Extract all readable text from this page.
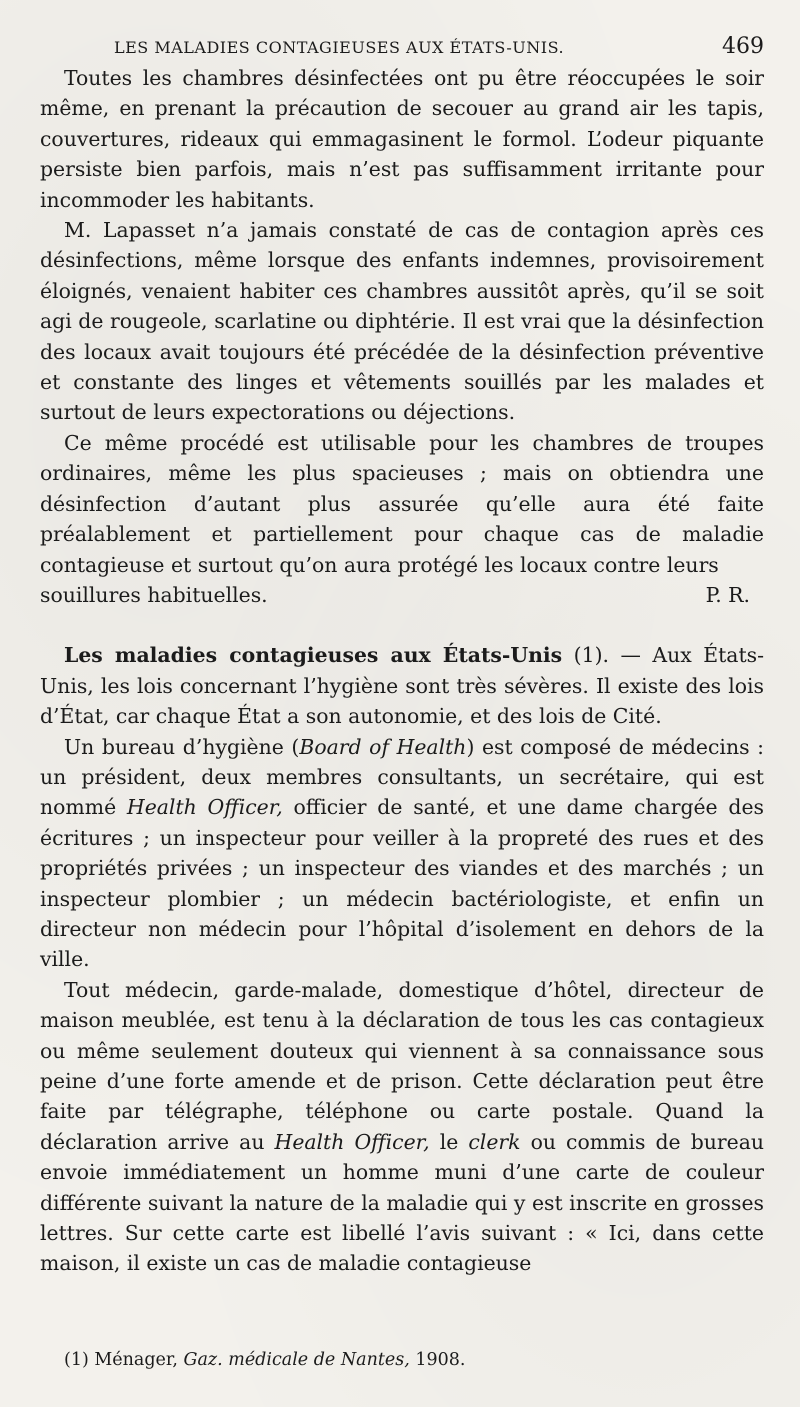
LES MALADIES CONTAGIEUSES AUX ÉTATS-UNIS.	469

Toutes les chambres désinfectées ont pu être réoccupées le soir même, en prenant la précaution de secouer au grand air les tapis, couvertures, rideaux qui emmagasinent le formol. L’odeur piquante persiste bien parfois, mais n’est pas suffisamment irritante pour incommoder les habitants.

M. Lapasset n’a jamais constaté de cas de contagion après ces désinfections, même lorsque des enfants indemnes, provisoirement éloignés, venaient habiter ces chambres aussitôt après, qu’il se soit agi de rougeole, scarlatine ou diphtérie. Il est vrai que la désinfection des locaux avait toujours été précédée de la désinfection préventive et constante des linges et vêtements souillés par les malades et surtout de leurs expectorations ou déjections.

Ce même procédé est utilisable pour les chambres de troupes ordinaires, même les plus spacieuses ; mais on obtiendra une désinfection d’autant plus assurée qu’elle aura été faite préalablement et partiellement pour chaque cas de maladie contagieuse et surtout qu’on aura protégé les locaux contre leurs

souillures habituelles.	P. R.

Les maladies contagieuses aux États-Unis (1). — Aux États-Unis, les lois concernant l’hygiène sont très sévères. Il existe des lois d’État, car chaque État a son autonomie, et des lois de Cité.

Un bureau d’hygiène (Board of Health) est composé de médecins : un président, deux membres consultants, un secrétaire, qui est nommé Health Officer, officier de santé, et une dame chargée des écritures ; un inspecteur pour veiller à la propreté des rues et des propriétés privées ; un inspecteur des viandes et des marchés ; un inspecteur plombier ; un médecin bactériologiste, et enfin un directeur non médecin pour l’hôpital d’isolement en dehors de la ville.

Tout médecin, garde-malade, domestique d’hôtel, directeur de maison meublée, est tenu à la déclaration de tous les cas contagieux ou même seulement douteux qui viennent à sa connaissance sous peine d’une forte amende et de prison. Cette déclaration peut être faite par télégraphe, téléphone ou carte postale. Quand la déclaration arrive au Health Officer, le clerk ou commis de bureau envoie immédiatement un homme muni d’une carte de couleur différente suivant la nature de la maladie qui y est inscrite en grosses lettres. Sur cette carte est libellé l’avis suivant : « Ici, dans cette maison, il existe un cas de maladie contagieuse

(1) Ménager, Gaz. médicale de Nantes, 1908.
